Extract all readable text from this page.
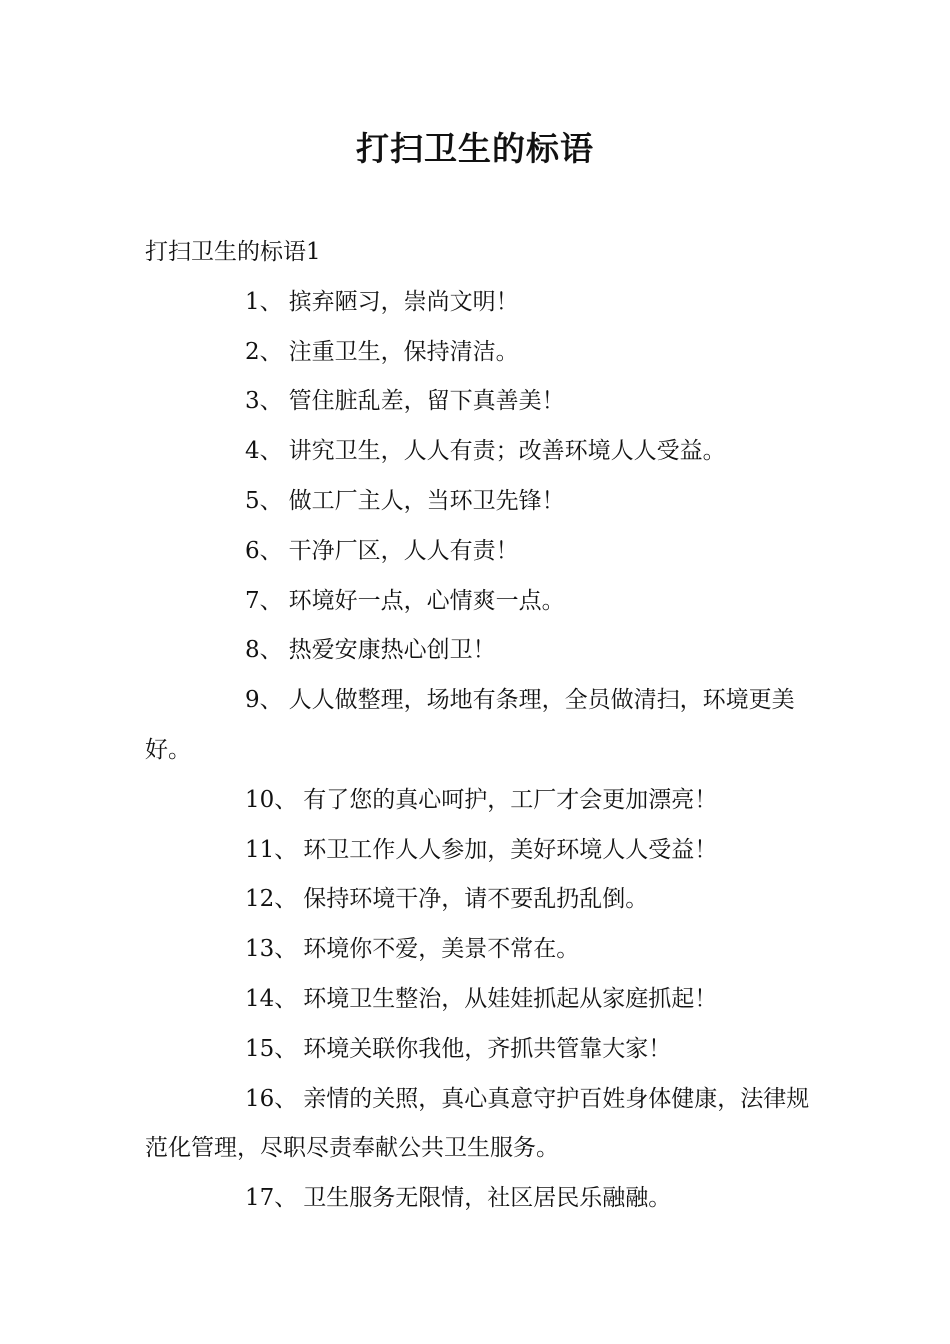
打扫卫生的标语

打扫卫生的标语1

1、 摈弃陋习，崇尚文明！

2、 注重卫生，保持清洁。

3、 管住脏乱差，留下真善美！

4、 讲究卫生，人人有责；改善环境人人受益。

5、 做工厂主人，当环卫先锋！

6、 干净厂区，人人有责！

7、 环境好一点，心情爽一点。

8、 热爱安康热心创卫！

9、 人人做整理，场地有条理，全员做清扫，环境更美好。

10、 有了您的真心呵护，工厂才会更加漂亮！

11、 环卫工作人人参加，美好环境人人受益！

12、 保持环境干净，请不要乱扔乱倒。

13、 环境你不爱，美景不常在。

14、 环境卫生整治，从娃娃抓起从家庭抓起！

15、 环境关联你我他，齐抓共管靠大家！

16、 亲情的关照，真心真意守护百姓身体健康，法律规范化管理，尽职尽责奉献公共卫生服务。

17、 卫生服务无限情，社区居民乐融融。
